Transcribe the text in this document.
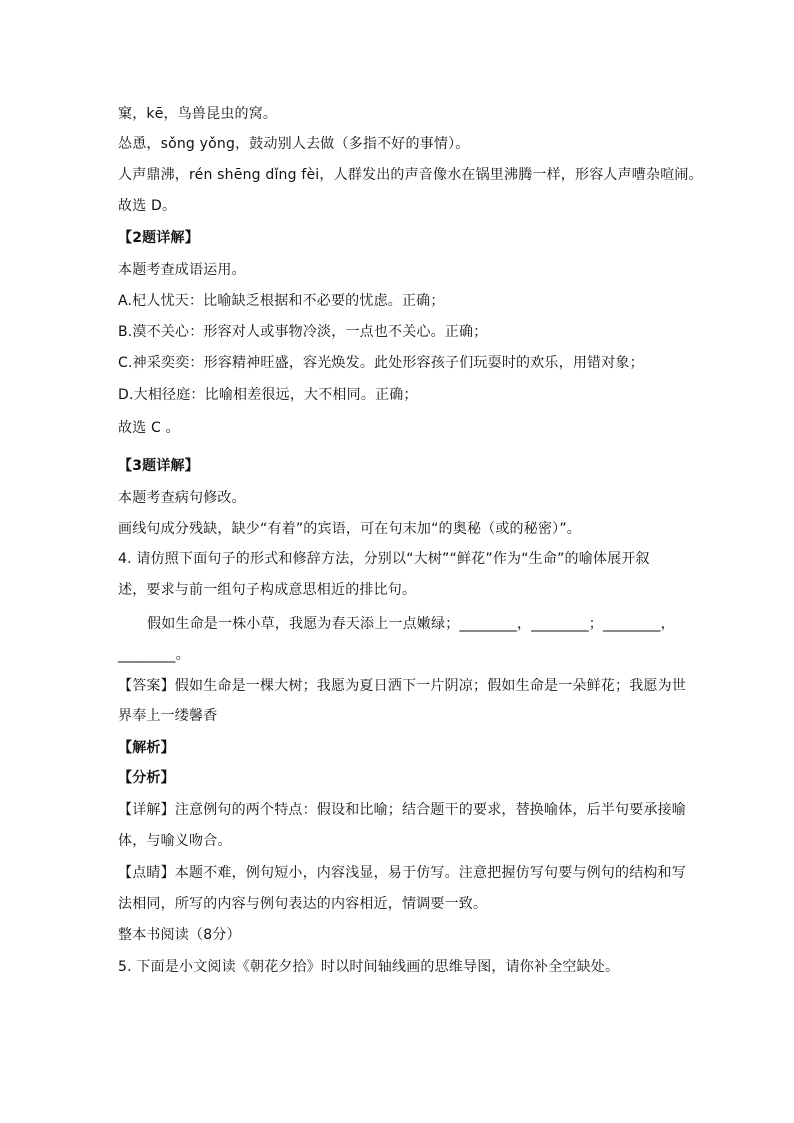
窠，kē，鸟兽昆虫的窝。
怂恿，sǒng yǒng，鼓动别人去做（多指不好的事情）。
人声鼎沸，rén shēng dǐng fèi，人群发出的声音像水在锅里沸腾一样，形容人声嘈杂喧闹。
故选 D。
【2题详解】
本题考查成语运用。
A.杞人忧天：比喻缺乏根据和不必要的忧虑。正确；
B.漠不关心：形容对人或事物冷淡，一点也不关心。正确；
C.神采奕奕：形容精神旺盛，容光焕发。此处形容孩子们玩耍时的欢乐，用错对象；
D.大相径庭：比喻相差很远，大不相同。正确；
故选 C 。
【3题详解】
本题考查病句修改。
画线句成分残缺，缺少“有着”的宾语，可在句末加“的奥秘（或的秘密）”。
4. 请仿照下面句子的形式和修辞方法，分别以“大树”“鲜花”作为“生命”的喻体展开叙
述，要求与前一组句子构成意思相近的排比句。
假如生命是一株小草，我愿为春天添上一点嫩绿；________，________；________，
________。
【答案】假如生命是一棵大树；我愿为夏日洒下一片阴凉；假如生命是一朵鲜花；我愿为世
界奉上一缕馨香
【解析】
【分析】
【详解】注意例句的两个特点：假设和比喻；结合题干的要求，替换喻体，后半句要承接喻
体，与喻义吻合。
【点睛】本题不难，例句短小，内容浅显，易于仿写。注意把握仿写句要与例句的结构和写
法相同，所写的内容与例句表达的内容相近，情调要一致。
整本书阅读（8分）
5. 下面是小文阅读《朝花夕拾》时以时间轴线画的思维导图，请你补全空缺处。
